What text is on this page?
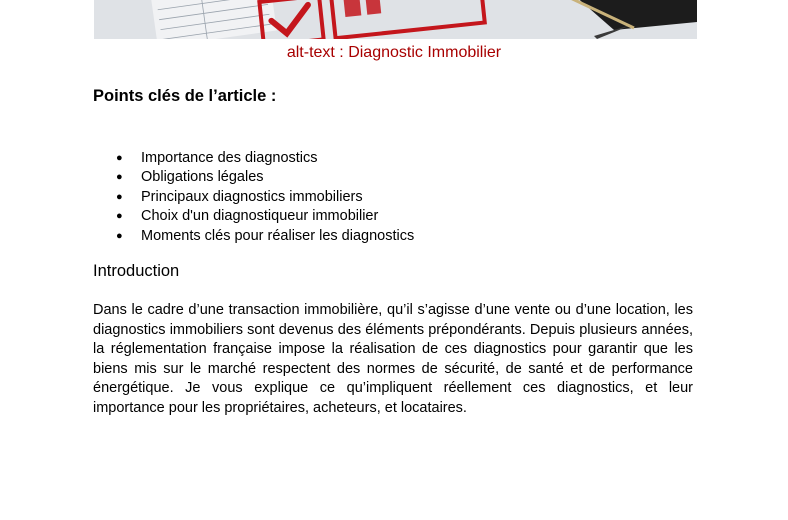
alt-text : Diagnostic Immobilier
Points clés de l’article :
● Importance des diagnostics
● Obligations légales
● Principaux diagnostics immobiliers
● Choix d'un diagnostiqueur immobilier
● Moments clés pour réaliser les diagnostics
Introduction

Dans le cadre d’une transaction immobilière, qu’il s’agisse d’une vente ou d’une location, les diagnostics immobiliers sont devenus des éléments prépondérants. Depuis plusieurs années, la réglementation française impose la réalisation de ces diagnostics pour garantir que les biens mis sur le marché respectent des normes de sécurité, de santé et de performance énergétique. Je vous explique ce qu’impliquent réellement ces diagnostics, et leur importance pour les propriétaires, acheteurs, et locataires.
